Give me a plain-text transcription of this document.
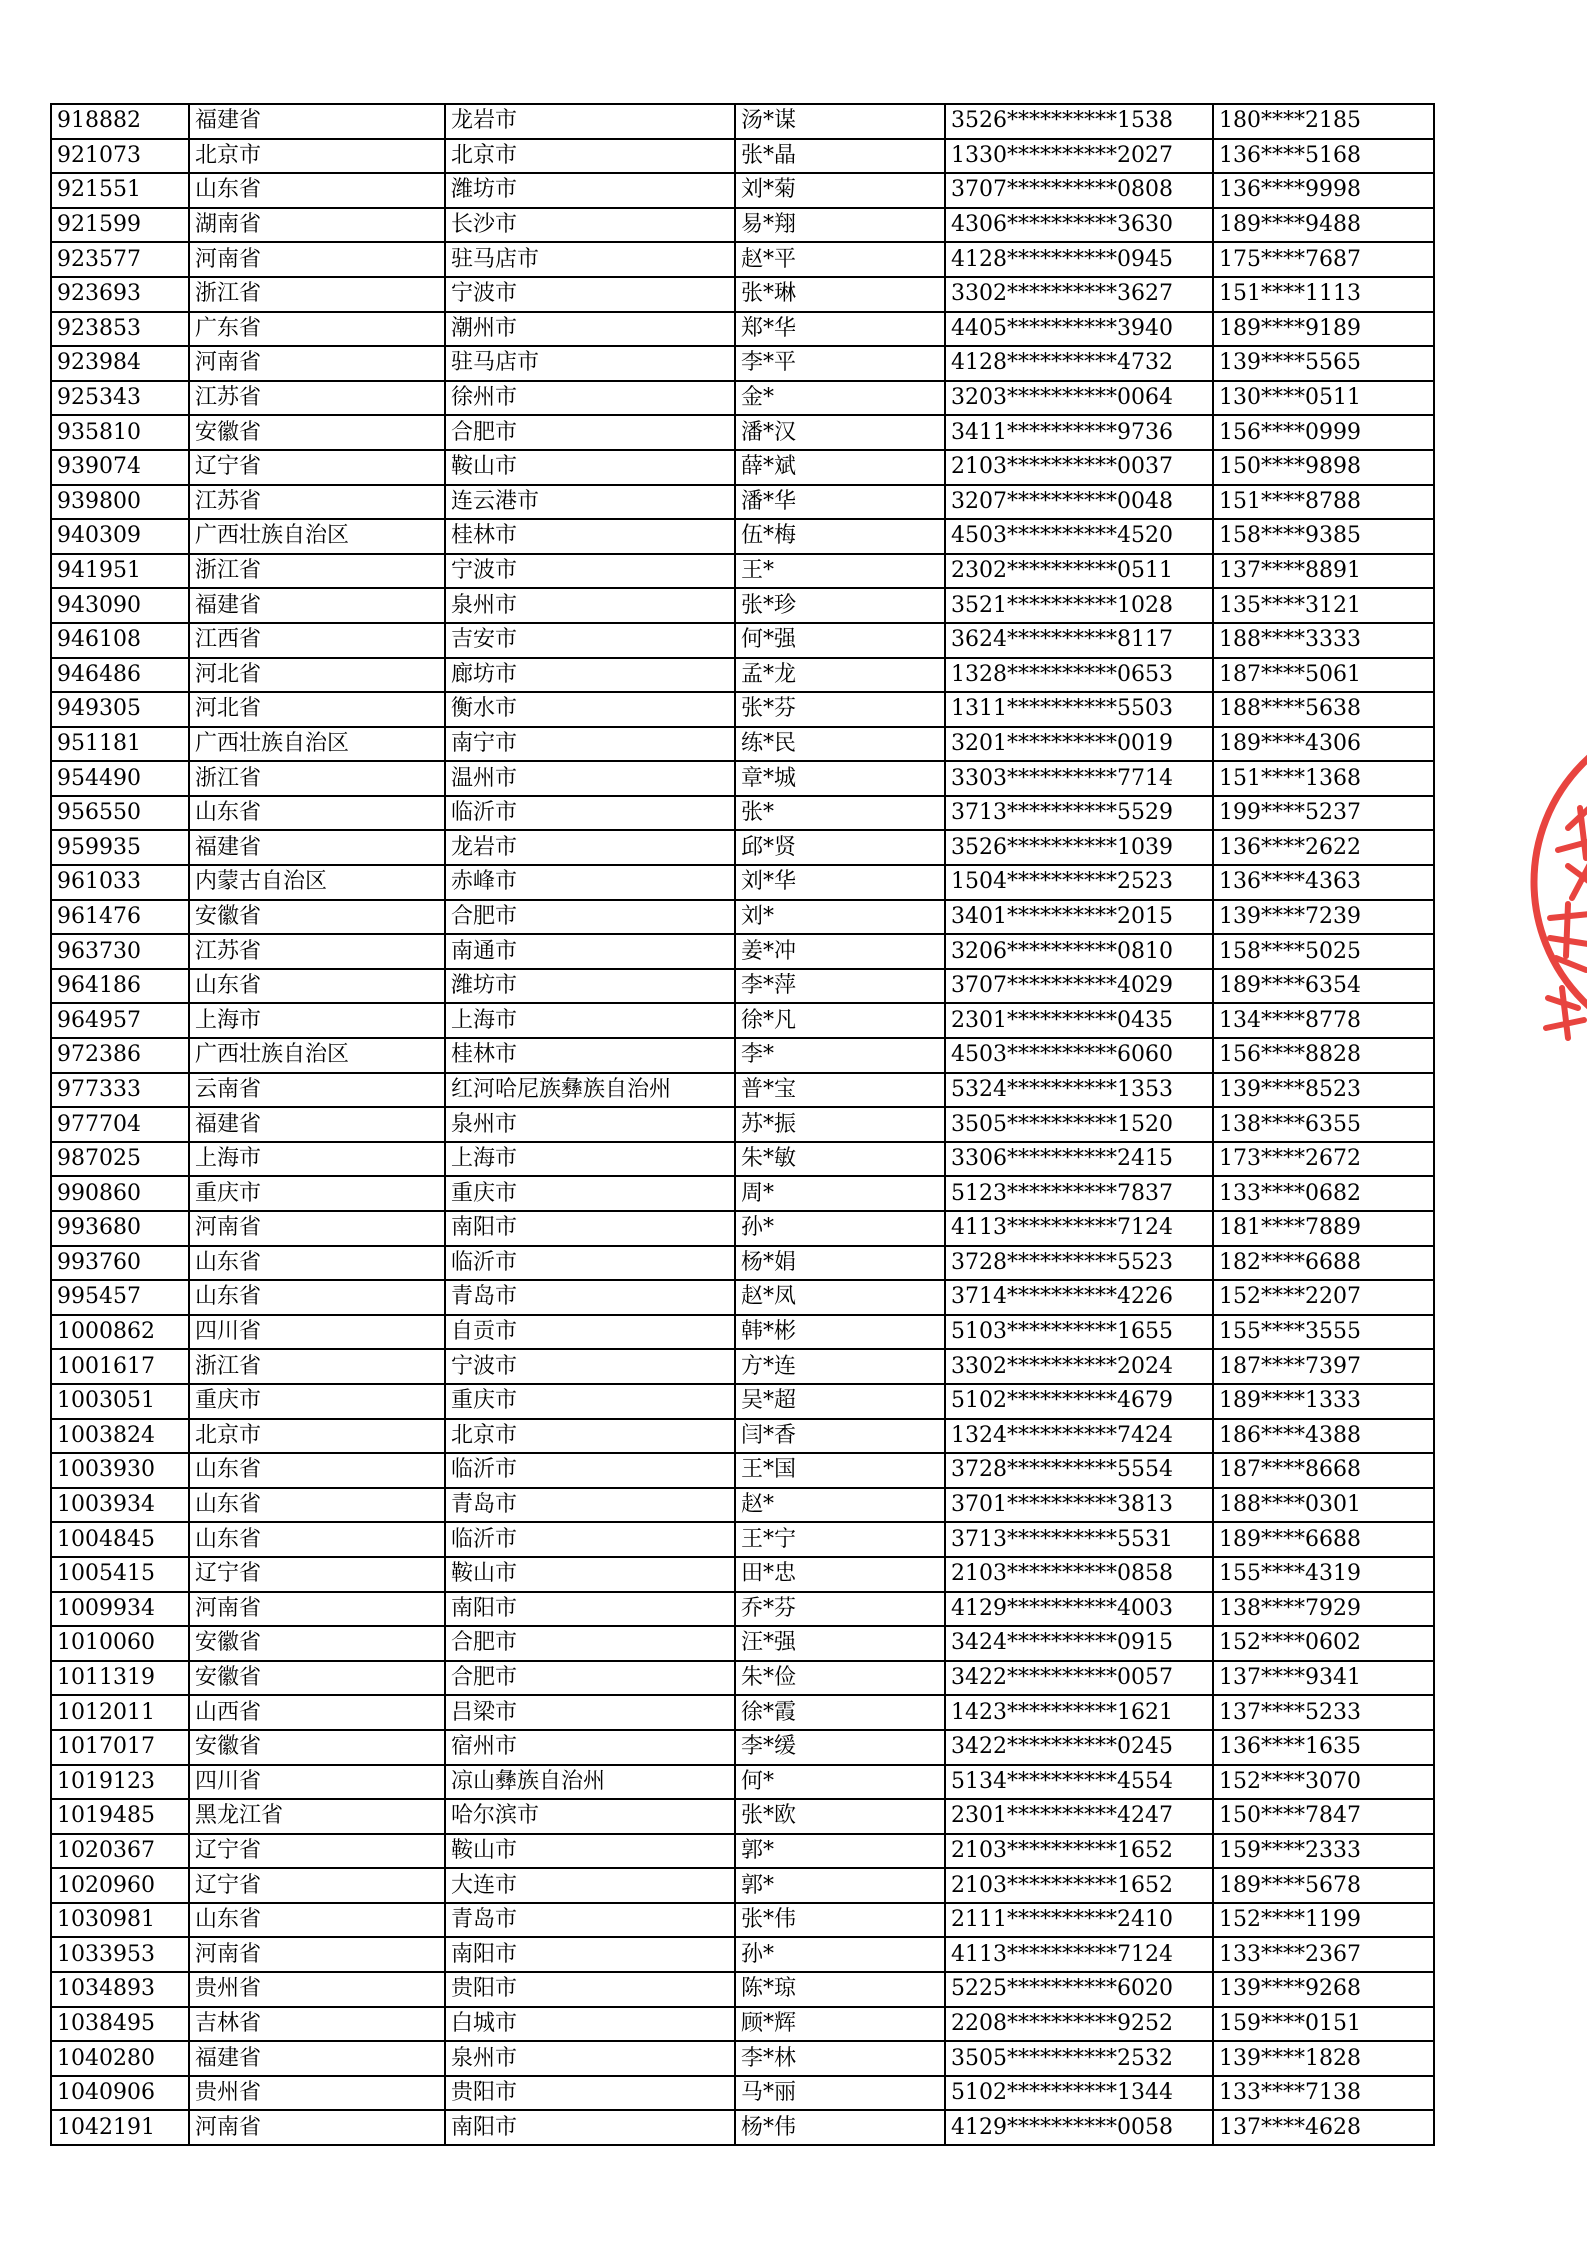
918882	福建省	龙岩市	汤*谋	3526**********1538	180****2185
921073	北京市	北京市	张*晶	1330**********2027	136****5168
921551	山东省	潍坊市	刘*菊	3707**********0808	136****9998
921599	湖南省	长沙市	易*翔	4306**********3630	189****9488
923577	河南省	驻马店市	赵*平	4128**********0945	175****7687
923693	浙江省	宁波市	张*琳	3302**********3627	151****1113
923853	广东省	潮州市	郑*华	4405**********3940	189****9189
923984	河南省	驻马店市	李*平	4128**********4732	139****5565
925343	江苏省	徐州市	金*	3203**********0064	130****0511
935810	安徽省	合肥市	潘*汉	3411**********9736	156****0999
939074	辽宁省	鞍山市	薛*斌	2103**********0037	150****9898
939800	江苏省	连云港市	潘*华	3207**********0048	151****8788
940309	广西壮族自治区	桂林市	伍*梅	4503**********4520	158****9385
941951	浙江省	宁波市	王*	2302**********0511	137****8891
943090	福建省	泉州市	张*珍	3521**********1028	135****3121
946108	江西省	吉安市	何*强	3624**********8117	188****3333
946486	河北省	廊坊市	孟*龙	1328**********0653	187****5061
949305	河北省	衡水市	张*芬	1311**********5503	188****5638
951181	广西壮族自治区	南宁市	练*民	3201**********0019	189****4306
954490	浙江省	温州市	章*城	3303**********7714	151****1368
956550	山东省	临沂市	张*	3713**********5529	199****5237
959935	福建省	龙岩市	邱*贤	3526**********1039	136****2622
961033	内蒙古自治区	赤峰市	刘*华	1504**********2523	136****4363
961476	安徽省	合肥市	刘*	3401**********2015	139****7239
963730	江苏省	南通市	姜*冲	3206**********0810	158****5025
964186	山东省	潍坊市	李*萍	3707**********4029	189****6354
964957	上海市	上海市	徐*凡	2301**********0435	134****8778
972386	广西壮族自治区	桂林市	李*	4503**********6060	156****8828
977333	云南省	红河哈尼族彝族自治州	普*宝	5324**********1353	139****8523
977704	福建省	泉州市	苏*振	3505**********1520	138****6355
987025	上海市	上海市	朱*敏	3306**********2415	173****2672
990860	重庆市	重庆市	周*	5123**********7837	133****0682
993680	河南省	南阳市	孙*	4113**********7124	181****7889
993760	山东省	临沂市	杨*娟	3728**********5523	182****6688
995457	山东省	青岛市	赵*凤	3714**********4226	152****2207
1000862	四川省	自贡市	韩*彬	5103**********1655	155****3555
1001617	浙江省	宁波市	方*连	3302**********2024	187****7397
1003051	重庆市	重庆市	吴*超	5102**********4679	189****1333
1003824	北京市	北京市	闫*香	1324**********7424	186****4388
1003930	山东省	临沂市	王*国	3728**********5554	187****8668
1003934	山东省	青岛市	赵*	3701**********3813	188****0301
1004845	山东省	临沂市	王*宁	3713**********5531	189****6688
1005415	辽宁省	鞍山市	田*忠	2103**********0858	155****4319
1009934	河南省	南阳市	乔*芬	4129**********4003	138****7929
1010060	安徽省	合肥市	汪*强	3424**********0915	152****0602
1011319	安徽省	合肥市	朱*俭	3422**********0057	137****9341
1012011	山西省	吕梁市	徐*霞	1423**********1621	137****5233
1017017	安徽省	宿州市	李*缓	3422**********0245	136****1635
1019123	四川省	凉山彝族自治州	何*	5134**********4554	152****3070
1019485	黑龙江省	哈尔滨市	张*欧	2301**********4247	150****7847
1020367	辽宁省	鞍山市	郭*	2103**********1652	159****2333
1020960	辽宁省	大连市	郭*	2103**********1652	189****5678
1030981	山东省	青岛市	张*伟	2111**********2410	152****1199
1033953	河南省	南阳市	孙*	4113**********7124	133****2367
1034893	贵州省	贵阳市	陈*琼	5225**********6020	139****9268
1038495	吉林省	白城市	顾*辉	2208**********9252	159****0151
1040280	福建省	泉州市	李*林	3505**********2532	139****1828
1040906	贵州省	贵阳市	马*丽	5102**********1344	133****7138
1042191	河南省	南阳市	杨*伟	4129**********0058	137****4628
